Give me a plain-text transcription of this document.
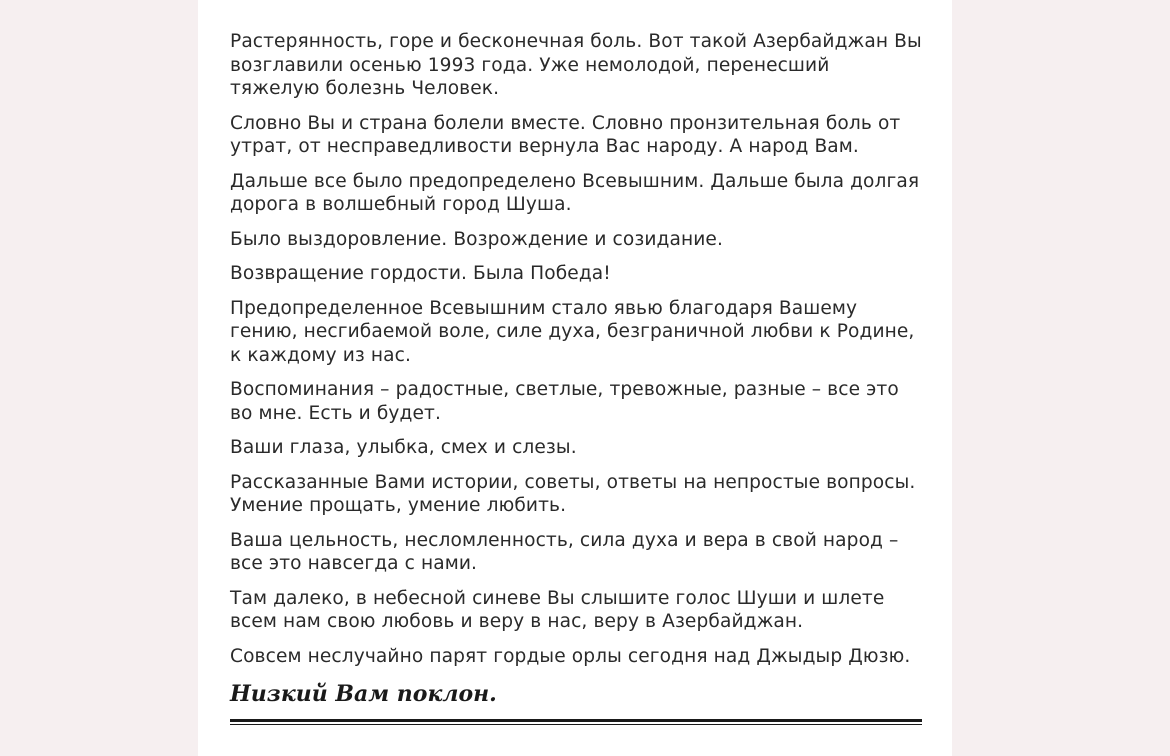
Растерянность, горе и бесконечная боль. Вот такой Азербайджан Вы возглавили осенью 1993 года. Уже немолодой, перенесший тяжелую болезнь Человек.

Словно Вы и страна болели вместе. Словно пронзительная боль от утрат, от несправедливости вернула Вас народу. А народ Вам.

Дальше все было предопределено Всевышним. Дальше была долгая дорога в волшебный город Шуша.

Было выздоровление. Возрождение и созидание.

Возвращение гордости. Была Победа!

Предопределенное Всевышним стало явью благодаря Вашему гению, несгибаемой воле, силе духа, безграничной любви к Родине, к каждому из нас.

Воспоминания – радостные, светлые, тревожные, разные – все это во мне. Есть и будет.

Ваши глаза, улыбка, смех и слезы.

Рассказанные Вами истории, советы, ответы на непростые вопросы. Умение прощать, умение любить.

Ваша цельность, несломленность, сила духа и вера в свой народ – все это навсегда с нами.

Там далеко, в небесной синеве Вы слышите голос Шуши и шлете всем нам свою любовь и веру в нас, веру в Азербайджан.

Совсем неслучайно парят гордые орлы сегодня над Джыдыр Дюзю.

Низкий Вам поклон.
